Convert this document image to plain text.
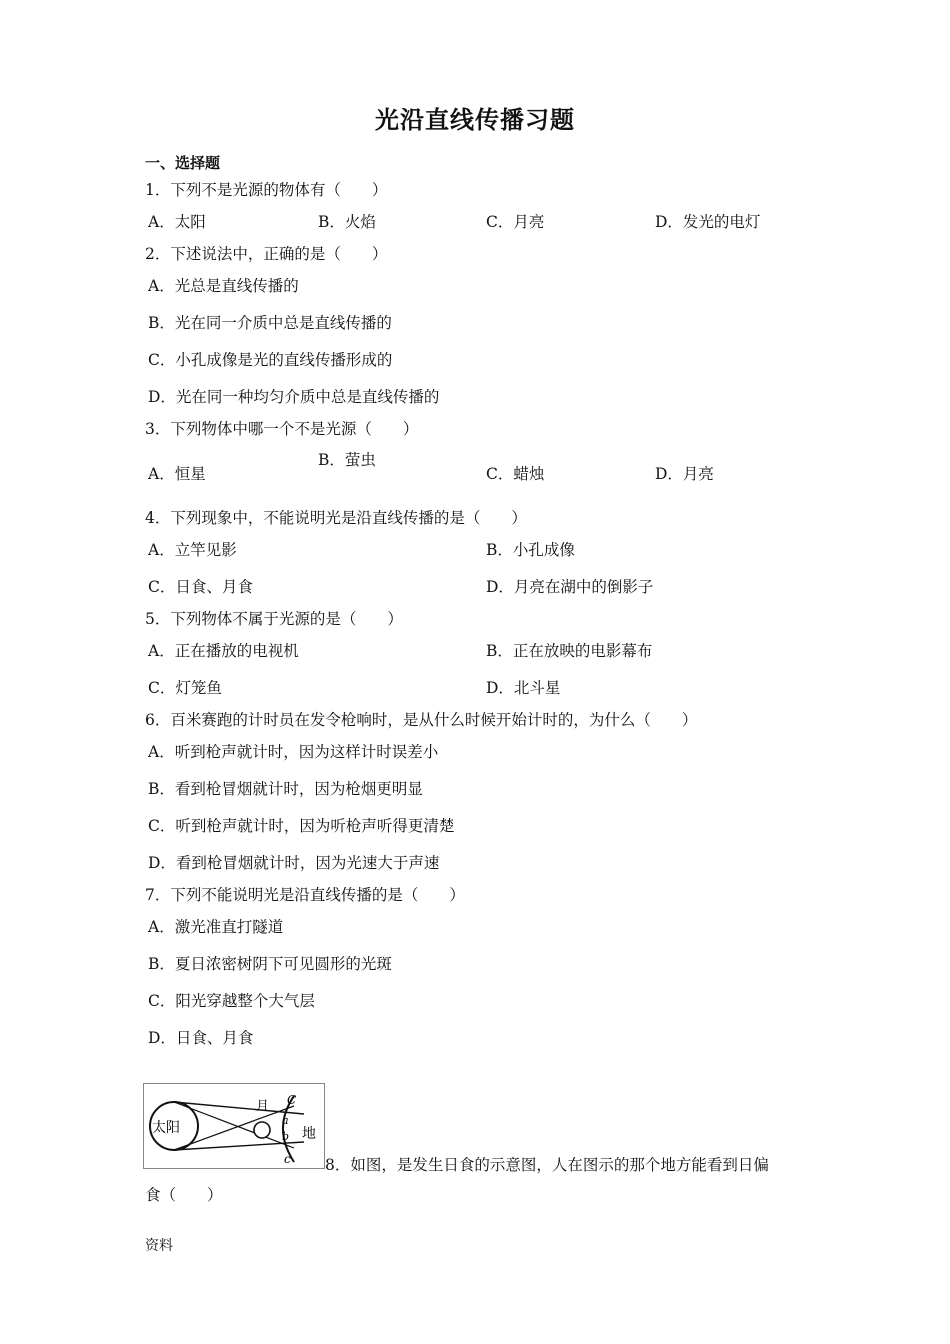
光沿直线传播习题
一、选择题
1．下列不是光源的物体有（　　）
A．太阳	B．火焰	C．月亮	D．发光的电灯
2．下述说法中，正确的是（　　）
A．光总是直线传播的
B．光在同一介质中总是直线传播的
C．小孔成像是光的直线传播形成的
D．光在同一种均匀介质中总是直线传播的
3．下列物体中哪一个不是光源（　　）
A．恒星
B．萤虫
C．蜡烛	D．月亮
4．下列现象中，不能说明光是沿直线传播的是（　　）
A．立竿见影	B．小孔成像
C．日食、月食	D．月亮在湖中的倒影子
5．下列物体不属于光源的是（　　）
A．正在播放的电视机	B．正在放映的电影幕布
C．灯笼鱼	D．北斗星
6．百米赛跑的计时员在发令枪响时，是从什么时候开始计时的，为什么（　　）
A．听到枪声就计时，因为这样计时误差小
B．看到枪冒烟就计时，因为枪烟更明显
C．听到枪声就计时，因为听枪声听得更清楚
D．看到枪冒烟就计时，因为光速大于声速
7．下列不能说明光是沿直线传播的是（　　）
A．激光准直打隧道
B．夏日浓密树阴下可见圆形的光斑
C．阳光穿越整个大气层
D．日食、月食
太阳
月
地
C
a
b
c 8．如图，是发生日食的示意图，人在图示的那个地方能看到日偏
食（　　）
资料
